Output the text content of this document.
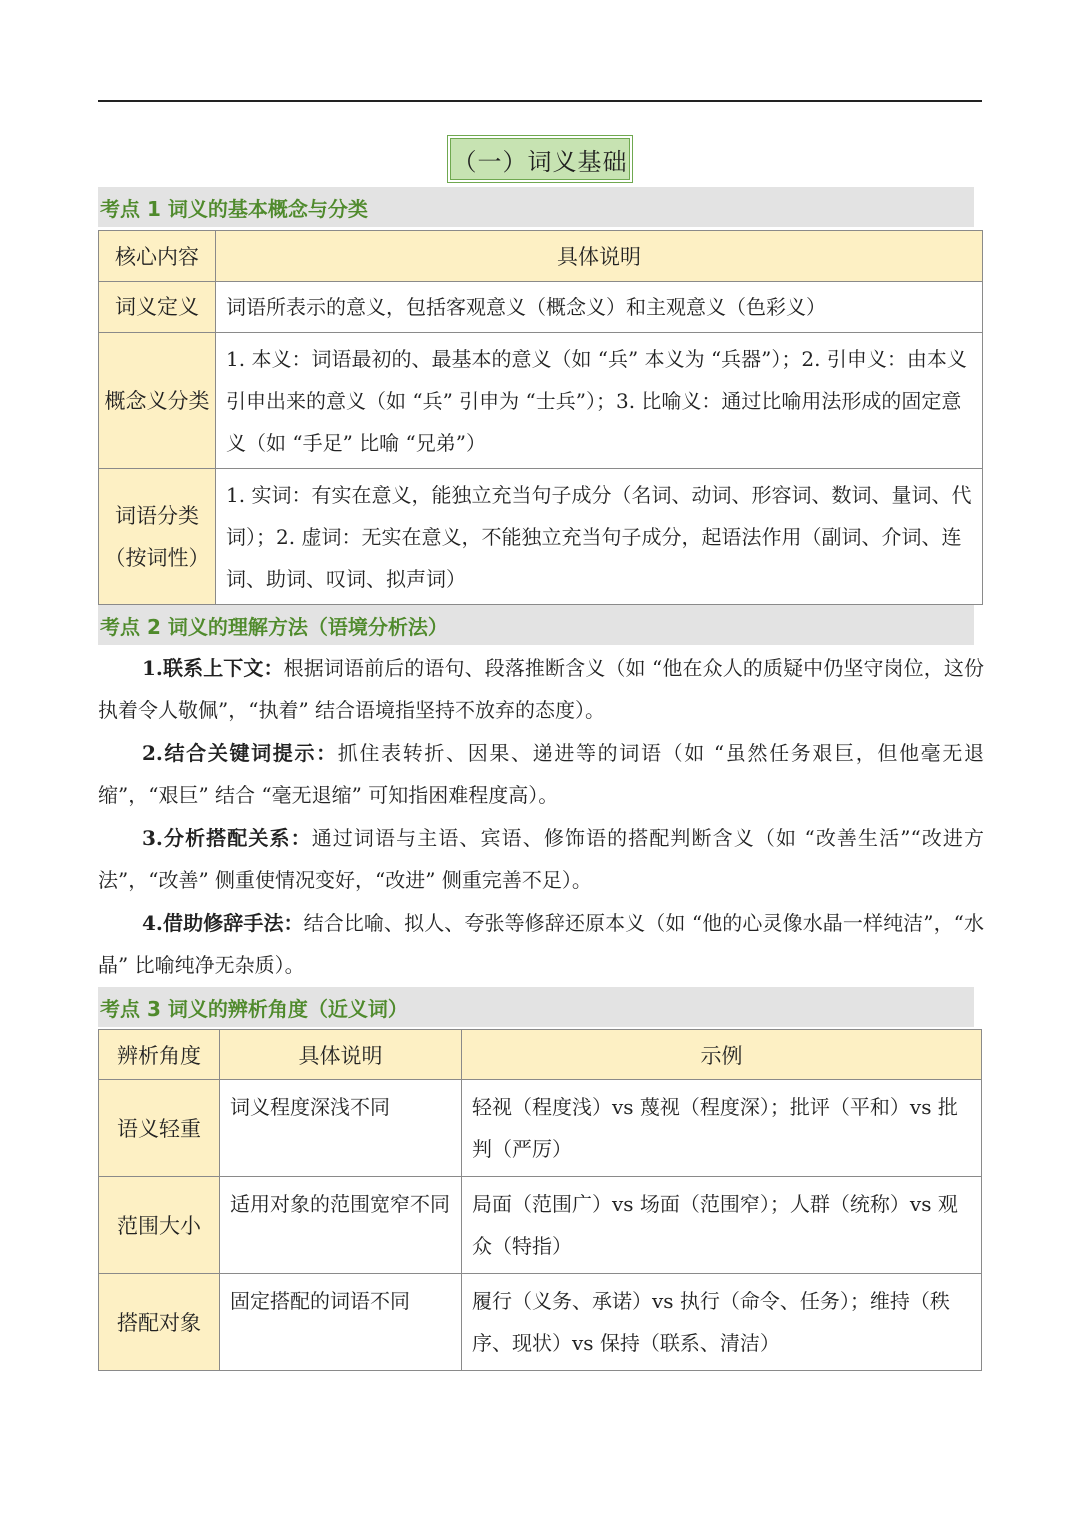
（一）词义基础
考点 1 词义的基本概念与分类
核心内容	具体说明
词义定义	词语所表示的意义，包括客观意义（概念义）和主观意义（色彩义）
概念义分类	1. 本义：词语最初的、最基本的意义（如 “兵” 本义为 “兵器”）；2. 引申义：由本义引申出来的意义（如 “兵” 引申为 “士兵”）；3. 比喻义：通过比喻用法形成的固定意义（如 “手足” 比喻 “兄弟”）
词语分类（按词性）	1. 实词：有实在意义，能独立充当句子成分（名词、动词、形容词、数词、量词、代词）；2. 虚词：无实在意义，不能独立充当句子成分，起语法作用（副词、介词、连词、助词、叹词、拟声词）
考点 2 词义的理解方法（语境分析法）
1.联系上下文：根据词语前后的语句、段落推断含义（如 “他在众人的质疑中仍坚守岗位，这份执着令人敬佩”，“执着” 结合语境指坚持不放弃的态度）。
2.结合关键词提示：抓住表转折、因果、递进等的词语（如 “虽然任务艰巨，但他毫无退缩”，“艰巨” 结合 “毫无退缩” 可知指困难程度高）。
3.分析搭配关系：通过词语与主语、宾语、修饰语的搭配判断含义（如 “改善生活”“改进方法”，“改善” 侧重使情况变好，“改进” 侧重完善不足）。
4.借助修辞手法：结合比喻、拟人、夸张等修辞还原本义（如 “他的心灵像水晶一样纯洁”，“水晶” 比喻纯净无杂质）。
考点 3 词义的辨析角度（近义词）
辨析角度	具体说明	示例
语义轻重	词义程度深浅不同	轻视（程度浅）vs 蔑视（程度深）；批评（平和）vs 批判（严厉）
范围大小	适用对象的范围宽窄不同	局面（范围广）vs 场面（范围窄）；人群（统称）vs 观众（特指）
搭配对象	固定搭配的词语不同	履行（义务、承诺）vs 执行（命令、任务）；维持（秩序、现状）vs 保持（联系、清洁）
